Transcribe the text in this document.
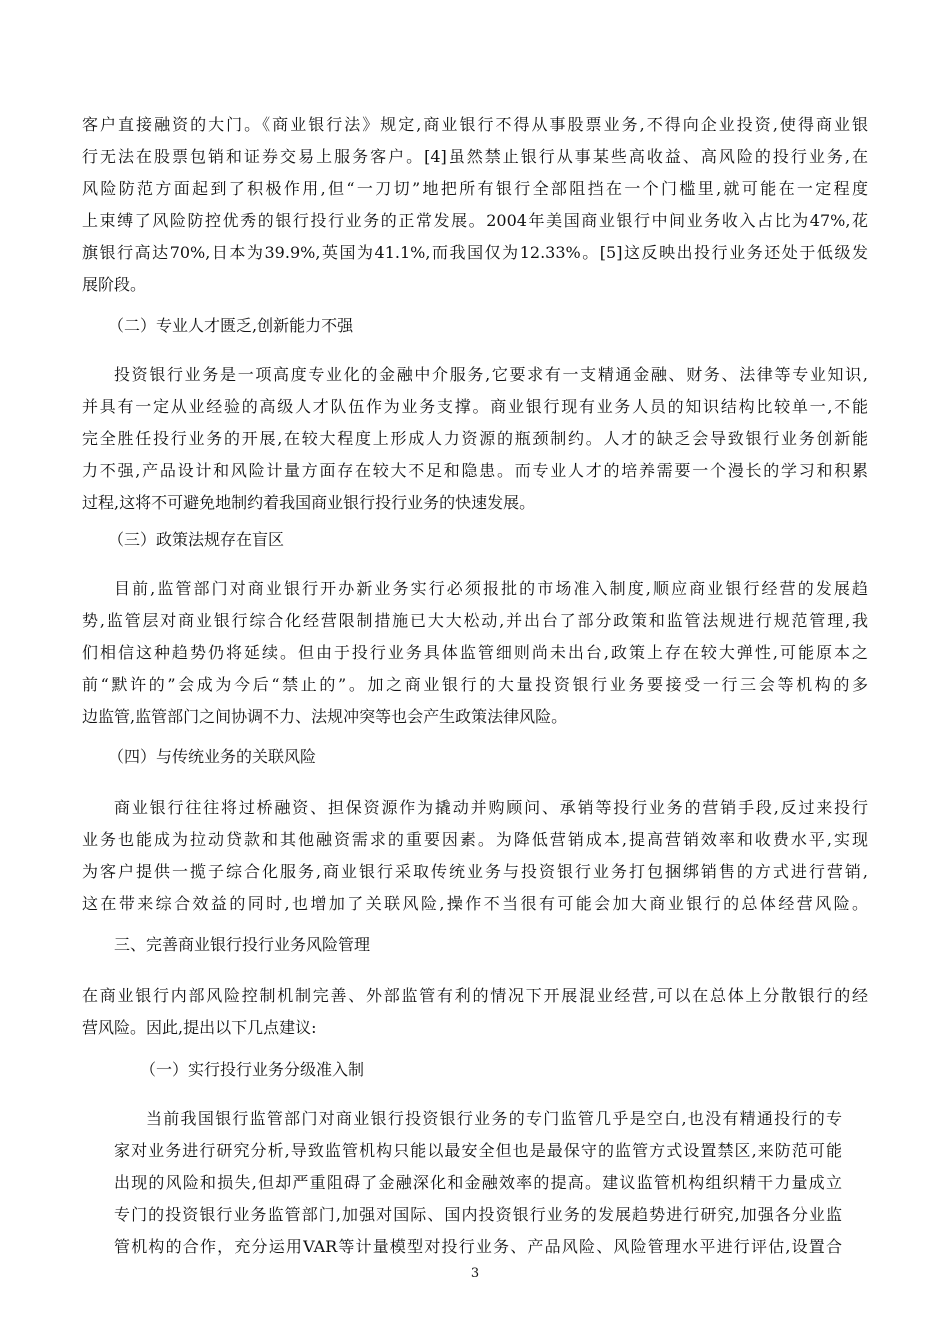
客户直接融资的大门。《商业银行法》规定,商业银行不得从事股票业务,不得向企业投资,使得商业银
行无法在股票包销和证券交易上服务客户。[4]虽然禁止银行从事某些高收益、高风险的投行业务,在
风险防范方面起到了积极作用,但“一刀切”地把所有银行全部阻挡在一个门槛里,就可能在一定程度
上束缚了风险防控优秀的银行投行业务的正常发展。2004年美国商业银行中间业务收入占比为47%,花
旗银行高达70%,日本为39.9%,英国为41.1%,而我国仅为12.33%。[5]这反映出投行业务还处于低级发
展阶段。
（二）专业人才匮乏,创新能力不强
投资银行业务是一项高度专业化的金融中介服务,它要求有一支精通金融、财务、法律等专业知识,
并具有一定从业经验的高级人才队伍作为业务支撑。商业银行现有业务人员的知识结构比较单一,不能
完全胜任投行业务的开展,在较大程度上形成人力资源的瓶颈制约。人才的缺乏会导致银行业务创新能
力不强,产品设计和风险计量方面存在较大不足和隐患。而专业人才的培养需要一个漫长的学习和积累
过程,这将不可避免地制约着我国商业银行投行业务的快速发展。
（三）政策法规存在盲区
目前,监管部门对商业银行开办新业务实行必须报批的市场准入制度,顺应商业银行经营的发展趋
势,监管层对商业银行综合化经营限制措施已大大松动,并出台了部分政策和监管法规进行规范管理,我
们相信这种趋势仍将延续。但由于投行业务具体监管细则尚未出台,政策上存在较大弹性,可能原本之
前“默许的”会成为今后“禁止的”。加之商业银行的大量投资银行业务要接受一行三会等机构的多
边监管,监管部门之间协调不力、法规冲突等也会产生政策法律风险。
（四）与传统业务的关联风险
商业银行往往将过桥融资、担保资源作为撬动并购顾问、承销等投行业务的营销手段,反过来投行
业务也能成为拉动贷款和其他融资需求的重要因素。为降低营销成本,提高营销效率和收费水平,实现
为客户提供一揽子综合化服务,商业银行采取传统业务与投资银行业务打包捆绑销售的方式进行营销,
这在带来综合效益的同时,也增加了关联风险,操作不当很有可能会加大商业银行的总体经营风险。
三、完善商业银行投行业务风险管理
在商业银行内部风险控制机制完善、外部监管有利的情况下开展混业经营,可以在总体上分散银行的经
营风险。因此,提出以下几点建议:
（一）实行投行业务分级准入制
当前我国银行监管部门对商业银行投资银行业务的专门监管几乎是空白,也没有精通投行的专
家对业务进行研究分析,导致监管机构只能以最安全但也是最保守的监管方式设置禁区,来防范可能
出现的风险和损失,但却严重阻碍了金融深化和金融效率的提高。建议监管机构组织精干力量成立
专门的投资银行业务监管部门,加强对国际、国内投资银行业务的发展趋势进行研究,加强各分业监
管机构的合作，充分运用VAR等计量模型对投行业务、产品风险、风险管理水平进行评估,设置合
3
